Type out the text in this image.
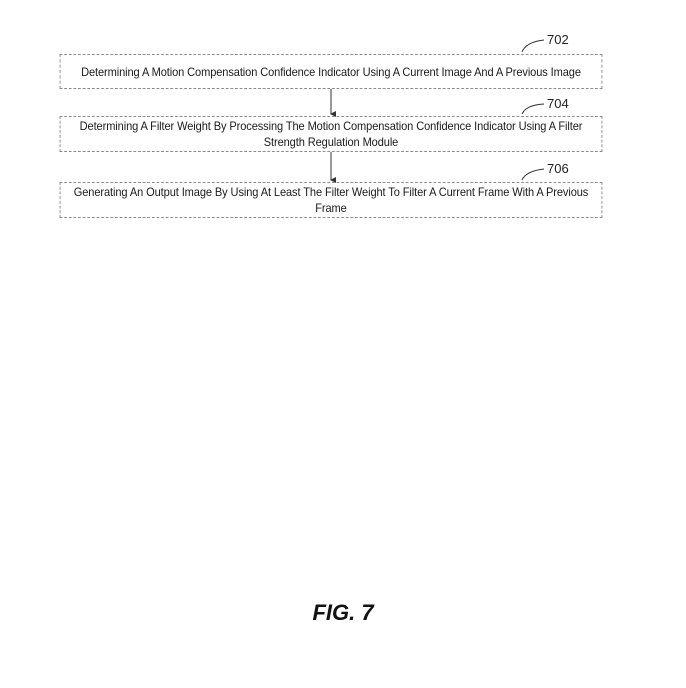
702
Determining A Motion Compensation Confidence Indicator Using A Current Image And A Previous Image
704
Determining A Filter Weight By Processing The Motion Compensation Confidence Indicator Using A Filter Strength Regulation Module
706
Generating An Output Image By Using At Least The Filter Weight To Filter A Current Frame With A Previous Frame
FIG. 7
